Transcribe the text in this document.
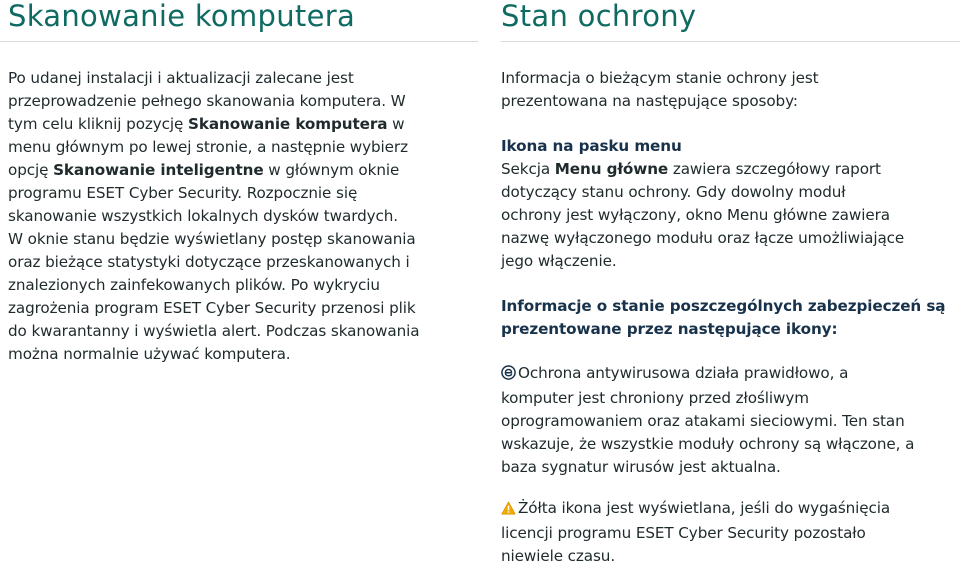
Skanowanie komputera
Po udanej instalacji i aktualizacji zalecane jest
przeprowadzenie pełnego skanowania komputera. W
tym celu kliknij pozycję Skanowanie komputera w
menu głównym po lewej stronie, a następnie wybierz
opcję Skanowanie inteligentne w głównym oknie
programu ESET Cyber Security. Rozpocznie się
skanowanie wszystkich lokalnych dysków twardych.
W oknie stanu będzie wyświetlany postęp skanowania
oraz bieżące statystyki dotyczące przeskanowanych i
znalezionych zainfekowanych plików. Po wykryciu
zagrożenia program ESET Cyber Security przenosi plik
do kwarantanny i wyświetla alert. Podczas skanowania
można normalnie używać komputera.
Stan ochrony
Informacja o bieżącym stanie ochrony jest
prezentowana na następujące sposoby:
Ikona na pasku menu
Sekcja Menu główne zawiera szczegółowy raport
dotyczący stanu ochrony. Gdy dowolny moduł
ochrony jest wyłączony, okno Menu główne zawiera
nazwę wyłączonego modułu oraz łącze umożliwiające
jego włączenie.
Informacje o stanie poszczególnych zabezpieczeń są
prezentowane przez następujące ikony:
Ochrona antywirusowa działa prawidłowo, a
komputer jest chroniony przed złośliwym
oprogramowaniem oraz atakami sieciowymi. Ten stan
wskazuje, że wszystkie moduły ochrony są włączone, a
baza sygnatur wirusów jest aktualna.
Żółta ikona jest wyświetlana, jeśli do wygaśnięcia
licencji programu ESET Cyber Security pozostało
niewiele czasu.
